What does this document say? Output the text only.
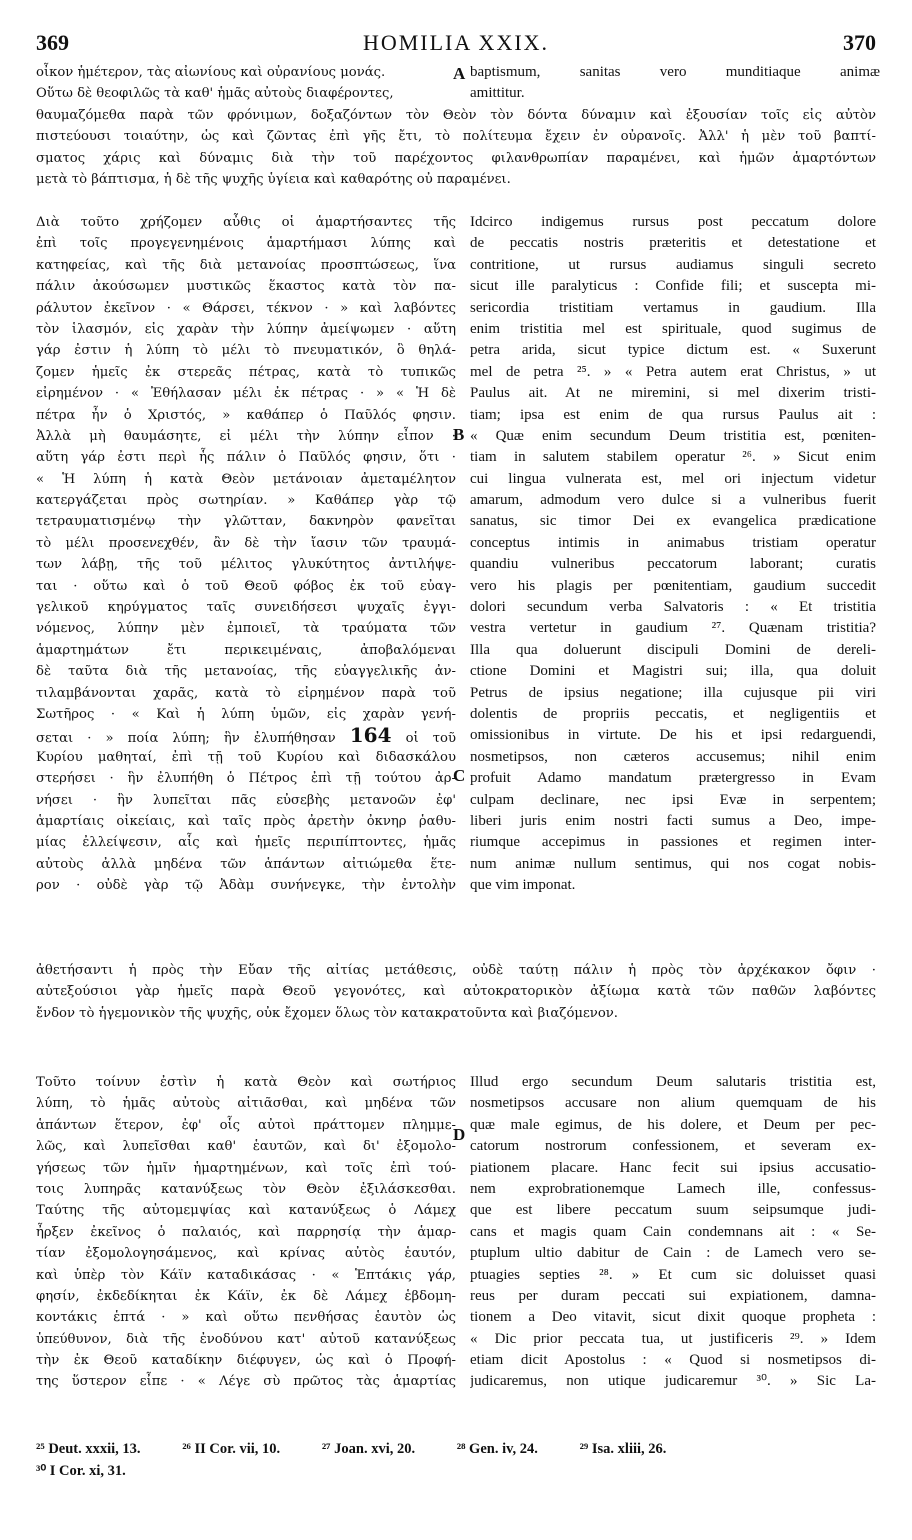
369	HOMILIA XXIX.	370
οἶκον ἡμέτερον, τὰς αἰωνίους καὶ οὐρανίους μονάς.
Οὕτω δὲ θεοφιλῶς τὰ καθ' ἡμᾶς αὐτοὺς διαφέροντες,
baptismum, sanitas vero munditiaque animæ
amittitur.
θαυμαζόμεθα παρὰ τῶν φρόνιμων, δοξαζόντων τὸν Θεὸν τὸν δόντα δύναμιν καὶ ἐξουσίαν τοῖς εἰς αὐτὸν
πιστεύουσι τοιαύτην, ὡς καὶ ζῶντας ἐπὶ γῆς ἔτι, τὸ πολίτευμα ἔχειν ἐν οὐρανοῖς. Ἀλλ' ἡ μὲν τοῦ βαπτί-
σματος χάρις καὶ δύναμις διὰ τὴν τοῦ παρέχοντος φιλανθρωπίαν παραμένει, καὶ ἡμῶν ἁμαρτόντων
μετὰ τὸ βάπτισμα, ἡ δὲ τῆς ψυχῆς ὑγίεια καὶ καθαρότης οὐ παραμένει.
Διὰ τοῦτο χρήζομεν αὖθις οἱ ἁμαρτήσαντες τῆς
ἐπὶ τοῖς προγεγενημένοις ἁμαρτήμασι λύπης καὶ
κατηφείας, καὶ τῆς διὰ μετανοίας προσπτώσεως, ἵνα
πάλιν ἀκούσωμεν μυστικῶς ἕκαστος κατὰ τὸν πα-
ράλυτον ἐκεῖνον · « Θάρσει, τέκνον · » καὶ λαβόντες
τὸν ἱλασμόν, εἰς χαρὰν τὴν λύπην ἀμείψωμεν · αὕτη
γάρ ἐστιν ἡ λύπη τὸ μέλι τὸ πνευματικόν, ὃ θηλά-
ζομεν ἡμεῖς ἐκ στερεᾶς πέτρας, κατὰ τὸ τυπικῶς
εἰρημένον · « Ἐθήλασαν μέλι ἐκ πέτρας · » « Ἡ δὲ
πέτρα ἦν ὁ Χριστός, » καθάπερ ὁ Παῦλός φησιν.
Ἀλλὰ μὴ θαυμάσητε, εἰ μέλι τὴν λύπην εἶπον ·
αὕτη γάρ ἐστι περὶ ἧς πάλιν ὁ Παῦλός φησιν, ὅτι ·
« Ἡ λύπη ἡ κατὰ Θεὸν μετάνοιαν ἀμεταμέλητον
κατεργάζεται πρὸς σωτηρίαν. » Καθάπερ γὰρ τῷ
τετραυματισμένῳ τὴν γλῶτταν, δακνηρὸν φανεῖται
τὸ μέλι προσενεχθέν, ἂν δὲ τὴν ἴασιν τῶν τραυμά-
των λάβῃ, τῆς τοῦ μέλιτος γλυκύτητος ἀντιλήψε-
ται · οὕτω καὶ ὁ τοῦ Θεοῦ φόβος ἐκ τοῦ εὐαγ-
γελικοῦ κηρύγματος ταῖς συνειδήσεσι ψυχαῖς ἐγγι-
νόμενος, λύπην μὲν ἐμποιεῖ, τὰ τραύματα τῶν
ἁμαρτημάτων ἔτι περικειμέναις, ἀποβαλόμεναι
δὲ ταῦτα διὰ τῆς μετανοίας, τῆς εὐαγγελικῆς ἀν-
τιλαμβάνονται χαρᾶς, κατὰ τὸ εἰρημένον παρὰ τοῦ
Σωτῆρος · « Καὶ ἡ λύπη ὑμῶν, εἰς χαρὰν γενή-
σεται · » ποία λύπη; ἣν ἐλυπήθησαν 164 οἱ τοῦ
Κυρίου μαθηταί, ἐπὶ τῇ τοῦ Κυρίου καὶ διδασκάλου
στερήσει · ἣν ἐλυπήθη ὁ Πέτρος ἐπὶ τῇ τούτου ἀρ-
νήσει · ἣν λυπεῖται πᾶς εὐσεβὴς μετανοῶν ἐφ'
ἁμαρτίαις οἰκείαις, καὶ ταῖς πρὸς ἀρετὴν ὀκνηρ ῥαθυ-
μίας ἐλλείψεσιν, αἷς καὶ ἡμεῖς περιπίπτοντες, ἡμᾶς
αὐτοὺς ἀλλὰ μηδένα τῶν ἁπάντων αἰτιώμεθα ἕτε-
ρον · οὐδὲ γὰρ τῷ Ἀδὰμ συνήνεγκε, τὴν ἐντολὴν
Idcirco indigemus rursus post peccatum dolore
de peccatis nostris præteritis et detestatione et
contritione, ut rursus audiamus singuli secreto
sicut ille paralyticus : Confide fili; et suscepta mi-
sericordia tristitiam vertamus in gaudium. Illa
enim tristitia mel est spirituale, quod sugimus de
petra arida, sicut typice dictum est. « Suxerunt
mel de petra ²⁵. » « Petra autem erat Christus, » ut
Paulus ait. At ne miremini, si mel dixerim tristi-
tiam; ipsa est enim de qua rursus Paulus ait :
« Quæ enim secundum Deum tristitia est, pœniten-
tiam in salutem stabilem operatur ²⁶. » Sicut enim
cui lingua vulnerata est, mel ori injectum videtur
amarum, admodum vero dulce si a vulneribus fuerit
sanatus, sic timor Dei ex evangelica prædicatione
conceptus intimis in animabus tristiam operatur
quandiu vulneribus peccatorum laborant; curatis
vero his plagis per pœnitentiam, gaudium succedit
dolori secundum verba Salvatoris : « Et tristitia
vestra vertetur in gaudium ²⁷. Quænam tristitia?
Illa qua doluerunt discipuli Domini de dereli-
ctione Domini et Magistri sui; illa, qua doluit
Petrus de ipsius negatione; illa cujusque pii viri
dolentis de propriis peccatis, et negligentiis et
omissionibus in virtute. De his et ipsi redarguendi,
nosmetipsos, non cæteros accusemus; nihil enim
profuit Adamo mandatum prætergresso in Evam
culpam declinare, nec ipsi Evæ in serpentem;
liberi juris enim nostri facti sumus a Deo, impe-
riumque accepimus in passiones et regimen inter-
num animæ nullum sentimus, qui nos cogat nobis-
que vim imponat.
ἀθετήσαντι ἡ πρὸς τὴν Εὔαν τῆς αἰτίας μετάθεσις, οὐδὲ ταύτῃ πάλιν ἡ πρὸς τὸν ἀρχέκακον ὄφιν ·
αὐτεξούσιοι γὰρ ἡμεῖς παρὰ Θεοῦ γεγονότες, καὶ αὐτοκρατορικὸν ἀξίωμα κατὰ τῶν παθῶν λαβόντες
ἔνδον τὸ ἡγεμονικὸν τῆς ψυχῆς, οὐκ ἔχομεν ὅλως τὸν κατακρατοῦντα καὶ βιαζόμενον.
Τοῦτο τοίνυν ἐστὶν ἡ κατὰ Θεὸν καὶ σωτήριος
λύπη, τὸ ἡμᾶς αὐτοὺς αἰτιᾶσθαι, καὶ μηδένα τῶν
ἁπάντων ἕτερον, ἐφ' οἷς αὐτοὶ πράττομεν πλημμε-
λῶς, καὶ λυπεῖσθαι καθ' ἑαυτῶν, καὶ δι' ἐξομολο-
γήσεως τῶν ἡμῖν ἡμαρτημένων, καὶ τοῖς ἐπὶ τού-
τοις λυπηρᾶς κατανύξεως τὸν Θεὸν ἐξιλάσκεσθαι.
Ταύτης τῆς αὐτομεμψίας καὶ κατανύξεως ὁ Λάμεχ
ἦρξεν ἐκεῖνος ὁ παλαιός, καὶ παρρησίᾳ τὴν ἁμαρ-
τίαν ἐξομολογησάμενος, καὶ κρίνας αὐτὸς ἑαυτόν,
καὶ ὑπὲρ τὸν Κάϊν καταδικάσας · « Ἑπτάκις γάρ,
φησίν, ἐκδεδίκηται ἐκ Κάϊν, ἐκ δὲ Λάμεχ ἑβδομη-
κοντάκις ἑπτά · » καὶ οὕτω πενθήσας ἑαυτὸν ὡς
ὑπεύθυνον, διὰ τῆς ἐνοδύνου κατ' αὐτοῦ κατανύξεως
τὴν ἐκ Θεοῦ καταδίκην διέφυγεν, ὡς καὶ ὁ Προφή-
της ὕστερον εἶπε · « Λέγε σὺ πρῶτος τὰς ἁμαρτίας
Illud ergo secundum Deum salutaris tristitia est,
nosmetipsos accusare non alium quemquam de his
quæ male egimus, de his dolere, et Deum per pec-
catorum nostrorum confessionem, et severam ex-
piationem placare. Hanc fecit sui ipsius accusatio-
nem exprobrationemque Lamech ille, confessus-
que est libere peccatum suum seipsumque judi-
cans et magis quam Cain condemnans ait : « Se-
ptuplum ultio dabitur de Cain : de Lamech vero se-
ptuagies septies ²⁸. » Et cum sic doluisset quasi
reus per duram peccati sui expiationem, damna-
tionem a Deo vitavit, sicut dixit quoque propheta :
« Dic prior peccata tua, ut justificeris ²⁹. » Idem
etiam dicit Apostolus : « Quod si nosmetipsos di-
judicaremus, non utique judicaremur ³⁰. » Sic La-
A
B
C
D
²⁵ Deut. xxxii, 13.	²⁶ II Cor. vii, 10.	²⁷ Joan. xvi, 20.	²⁸ Gen. iv, 24.	²⁹ Isa. xliii, 26.
³⁰ I Cor. xi, 31.
